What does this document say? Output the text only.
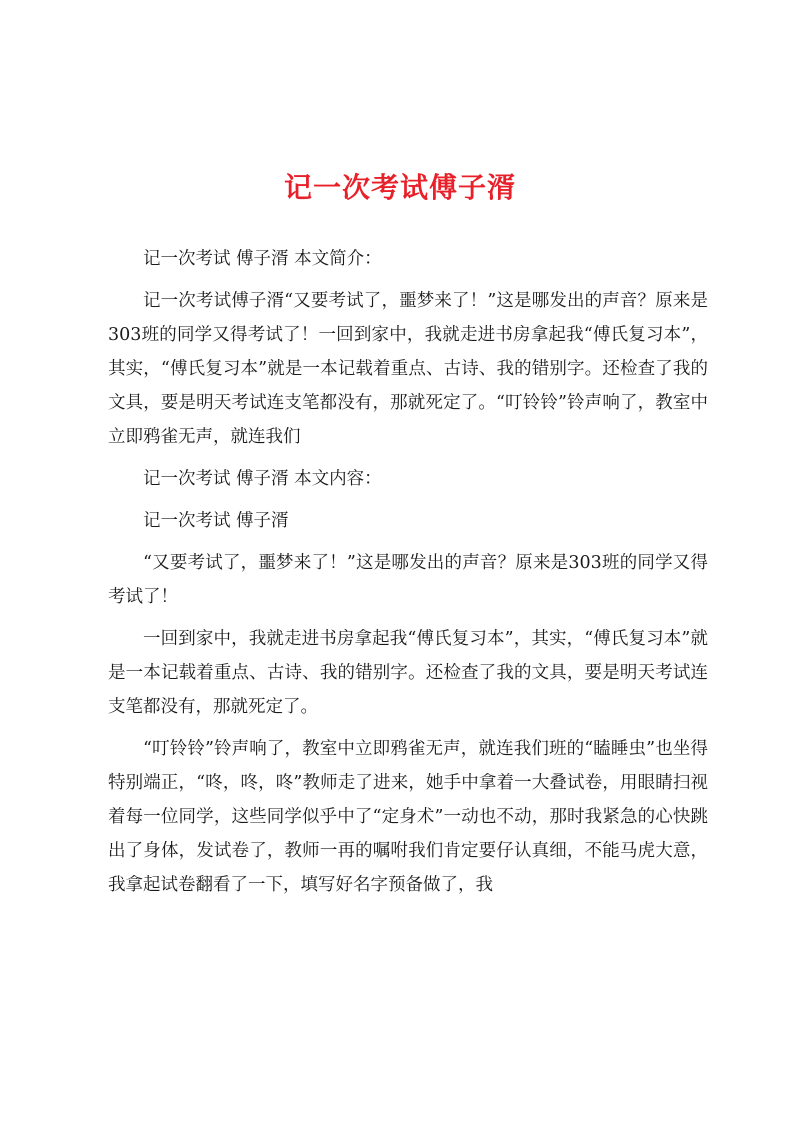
记一次考试傅子湑

记一次考试 傅子湑 本文简介：

记一次考试傅子湑“又要考试了，噩梦来了！”这是哪发出的声音？原来是303班的同学又得考试了！一回到家中，我就走进书房拿起我“傅氏复习本”，其实，“傅氏复习本”就是一本记载着重点、古诗、我的错别字。还检查了我的文具，要是明天考试连支笔都没有，那就死定了。“叮铃铃”铃声响了，教室中立即鸦雀无声，就连我们

记一次考试 傅子湑 本文内容：

记一次考试 傅子湑

“又要考试了，噩梦来了！”这是哪发出的声音？原来是303班的同学又得考试了！

一回到家中，我就走进书房拿起我“傅氏复习本”，其实，“傅氏复习本”就是一本记载着重点、古诗、我的错别字。还检查了我的文具，要是明天考试连支笔都没有，那就死定了。

“叮铃铃”铃声响了，教室中立即鸦雀无声，就连我们班的“瞌睡虫”也坐得特别端正，“咚，咚，咚”教师走了进来，她手中拿着一大叠试卷，用眼睛扫视着每一位同学，这些同学似乎中了“定身术”一动也不动，那时我紧急的心快跳出了身体，发试卷了，教师一再的嘱咐我们肯定要仔认真细，不能马虎大意，我拿起试卷翻看了一下，填写好名字预备做了，我
